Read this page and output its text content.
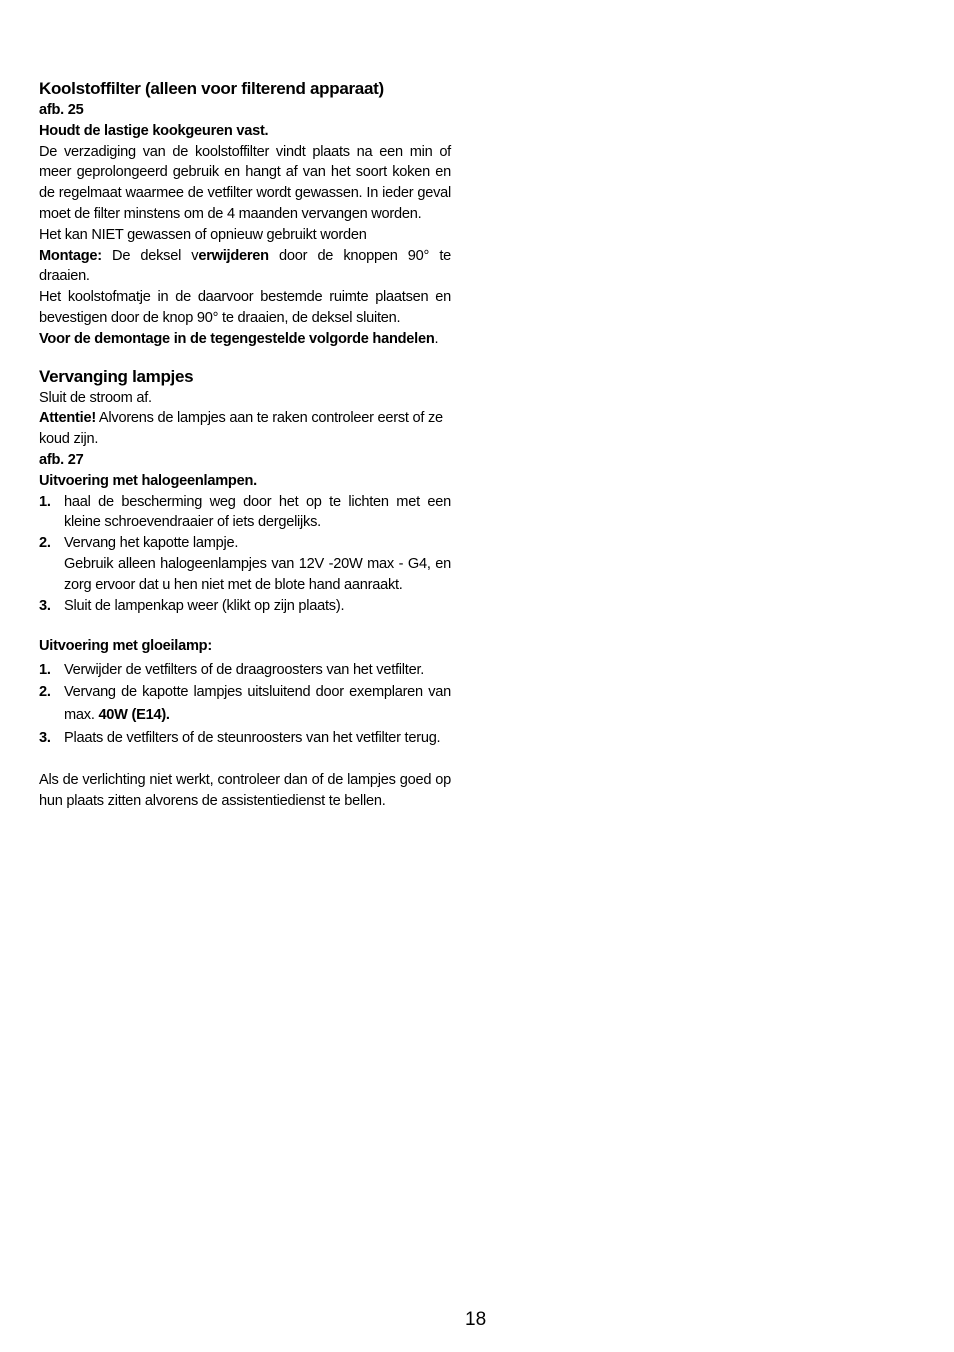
Koolstoffilter (alleen voor filterend apparaat)

afb. 25

Houdt de lastige kookgeuren vast.

De verzadiging van de koolstoffilter vindt plaats na een min of meer geprolongeerd gebruik en hangt af van het soort koken en de regelmaat waarmee de vetfilter wordt gewassen. In ieder geval moet de filter minstens om de 4 maanden vervangen worden.

Het kan NIET gewassen of opnieuw gebruikt worden

Montage: De deksel verwijderen door de knoppen 90° te draaien.

Het koolstofmatje in de daarvoor bestemde ruimte plaatsen en bevestigen door de knop 90° te draaien, de deksel sluiten.

Voor de demontage in de tegengestelde volgorde handelen.

Vervanging lampjes

Sluit de stroom af.

Attentie! Alvorens de lampjes aan te raken controleer eerst of ze koud zijn.

afb. 27

Uitvoering met halogeenlampen.

1. haal de bescherming weg door het op te lichten met een kleine schroevendraaier of iets dergelijks.
2. Vervang het kapotte lampje.
Gebruik alleen halogeenlampjes van 12V -20W max - G4, en zorg ervoor dat u hen niet met de blote hand aanraakt.
3. Sluit de lampenkap weer (klikt op zijn plaats).

Uitvoering met gloeilamp:

1. Verwijder de vetfilters of de draagroosters van het vetfilter.
2. Vervang de kapotte lampjes uitsluitend door exemplaren van max. 40W (E14).
3. Plaats de vetfilters of de steunroosters van het vetfilter terug.

Als de verlichting niet werkt, controleer dan of de lampjes goed op hun plaats zitten alvorens de assistentiedienst te bellen.

18
